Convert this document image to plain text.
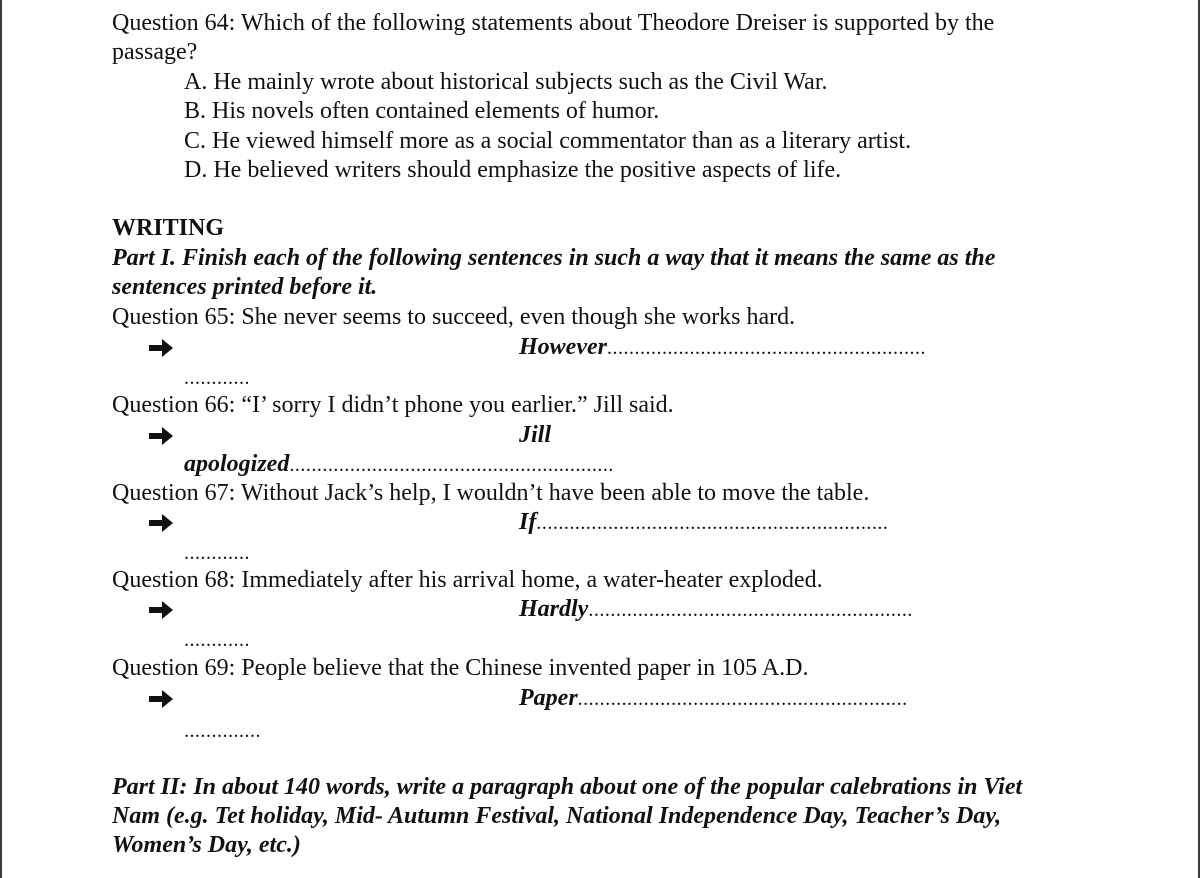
Question 64: Which of the following statements about Theodore Dreiser is supported by the
passage?
A. He mainly wrote about historical subjects such as the Civil War.
B. His novels often contained elements of humor.
C. He viewed himself more as a social commentator than as a literary artist.
D. He believed writers should emphasize the positive aspects of life.
WRITING
Part I. Finish each of the following sentences in such a way that it means the same as the
sentences printed before it.
Question 65: She never seems to succeed, even though she works hard.
However..........................................................
............
Question 66: “I’ sorry I didn’t phone you earlier.” Jill said.
Jill
apologized...........................................................
Question 67: Without Jack’s help, I wouldn’t have been able to move the table.
If................................................................
............
Question 68: Immediately after his arrival home, a water-heater exploded.
Hardly...........................................................
............
Question 69: People believe that the Chinese invented paper in 105 A.D.
Paper............................................................
..............
Part II: In about 140 words, write a paragraph about one of the popular calebrations in Viet
Nam (e.g. Tet holiday, Mid- Autumn Festival, National Independence Day, Teacher’s Day,
Women’s Day, etc.)
